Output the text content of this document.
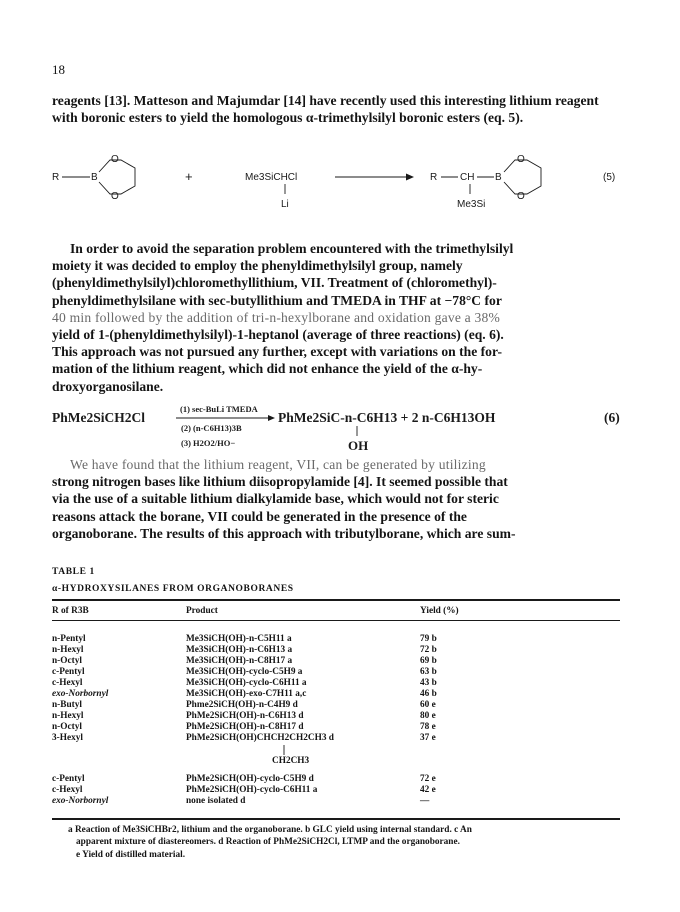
18
reagents [13]. Matteson and Majumdar [14] have recently used this interesting lithium reagent with boronic esters to yield the homologous α-trimethylsilyl boronic esters (eq. 5).
R	B
O
O
+	Me3SiCHCl
Li
R CH B
Me3Si
O
O
(5)
In order to avoid the separation problem encountered with the trimethylsilyl
moiety it was decided to employ the phenyldimethylsilyl group, namely
(phenyldimethylsilyl)chloromethyllithium, VII. Treatment of (chloromethyl)-
phenyldimethylsilane with sec-butyllithium and TMEDA in THF at −78°C for
40 min followed by the addition of tri-n-hexylborane and oxidation gave a 38%
yield of 1-(phenyldimethylsilyl)-1-heptanol (average of three reactions) (eq. 6).
This approach was not pursued any further, except with variations on the for-
mation of the lithium reagent, which did not enhance the yield of the α-hy-
droxyorganosilane.
PhMe2SiCH2Cl
(1) sec-BuLi TMEDA
(2) (n-C6H13)3B
(3) H2O2/HO−
PhMe2SiC-n-C6H13 + 2 n-C6H13OH
OH
(6)
We have found that the lithium reagent, VII, can be generated by utilizing
strong nitrogen bases like lithium diisopropylamide [4]. It seemed possible that
via the use of a suitable lithium dialkylamide base, which would not for steric
reasons attack the borane, VII could be generated in the presence of the
organoborane. The results of this approach with tributylborane, which are sum-
TABLE 1
α-HYDROXYSILANES FROM ORGANOBORANES
R of R3B	Product	Yield (%)
n-Pentyl	Me3SiCH(OH)-n-C5H11 a	79 b
n-Hexyl	Me3SiCH(OH)-n-C6H13 a	72 b
n-Octyl	Me3SiCH(OH)-n-C8H17 a	69 b
c-Pentyl	Me3SiCH(OH)-cyclo-C5H9 a	63 b
c-Hexyl	Me3SiCH(OH)-cyclo-C6H11 a	43 b
exo-Norbornyl	Me3SiCH(OH)-exo-C7H11 a,c	46 b
n-Butyl	Phme2SiCH(OH)-n-C4H9 d	60 e
n-Hexyl	PhMe2SiCH(OH)-n-C6H13 d	80 e
n-Octyl	PhMe2SiCH(OH)-n-C8H17 d	78 e
3-Hexyl	PhMe2SiCH(OH)CHCH2CH2CH3 d	37 e
CH2CH3
c-Pentyl	PhMe2SiCH(OH)-cyclo-C5H9 d	72 e
c-Hexyl	PhMe2SiCH(OH)-cyclo-C6H11 a	42 e
exo-Norbornyl	none isolated d	—
a Reaction of Me3SiCHBr2, lithium and the organoborane. b GLC yield using internal standard. c An
apparent mixture of diastereomers. d Reaction of PhMe2SiCH2Cl, LTMP and the organoborane.
e Yield of distilled material.
